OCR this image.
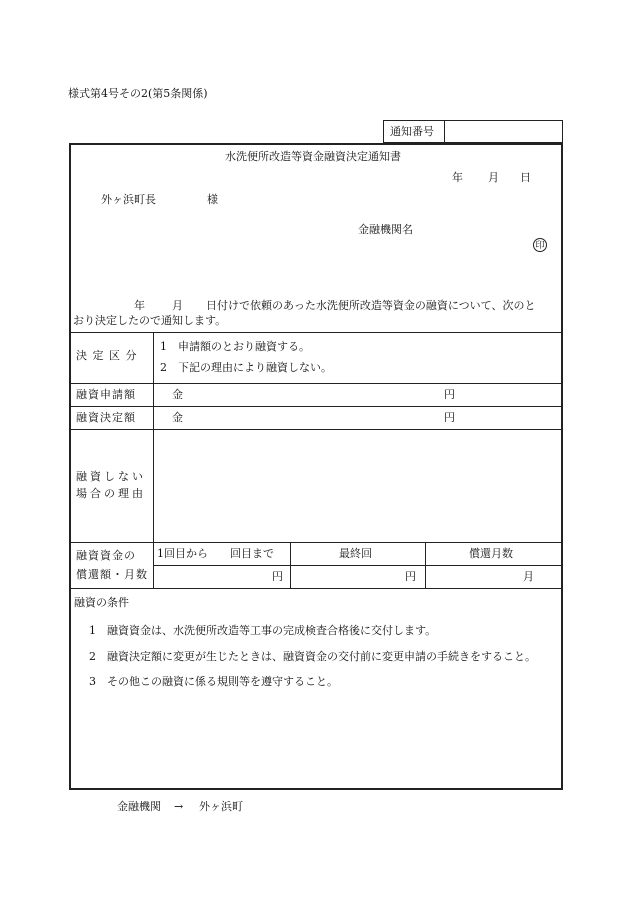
様式第4号その2(第5条関係)
通知番号
水洗便所改造等資金融資決定通知書
年 月 日
外ヶ浜町長	様
金融機関名
印
年 月 日付けで依頼のあった水洗便所改造等資金の融資について、次のと
おり決定したので通知します。
決 定 区 分
1　申請額のとおり融資する。
2　下記の理由により融資しない。
融資申請額	金	円
融資決定額	金	円
融資しない
場合の理由
融資資金の
償還額・月数
1回目から　　回目まで	最終回	償還月数
円	円	月
融資の条件
1　融資資金は、水洗便所改造等工事の完成検査合格後に交付します。
2　融資決定額に変更が生じたときは、融資資金の交付前に変更申請の手続きをすること。
3　その他この融資に係る規則等を遵守すること。
金融機関 → 外ヶ浜町
